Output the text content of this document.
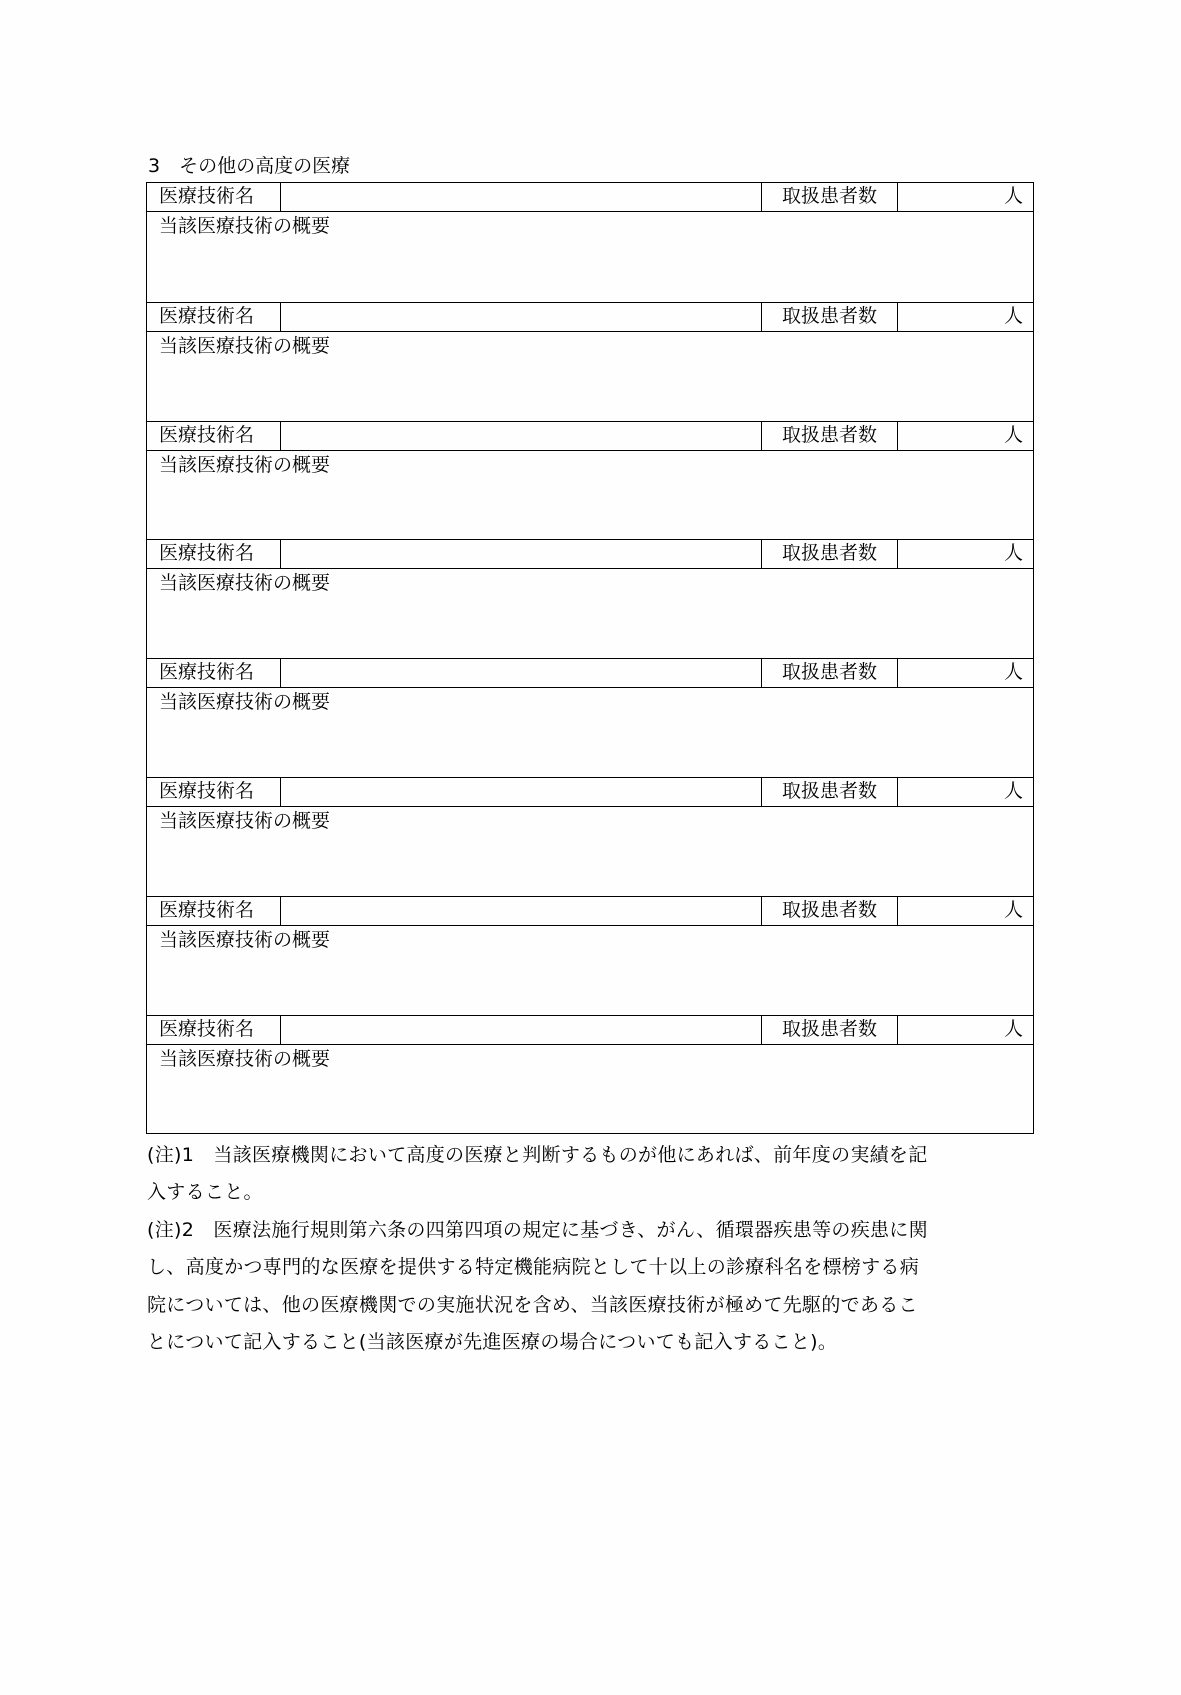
3　その他の高度の医療
医療技術名	取扱患者数	人
当該医療技術の概要
医療技術名	取扱患者数	人
当該医療技術の概要
医療技術名	取扱患者数	人
当該医療技術の概要
医療技術名	取扱患者数	人
当該医療技術の概要
医療技術名	取扱患者数	人
当該医療技術の概要
医療技術名	取扱患者数	人
当該医療技術の概要
医療技術名	取扱患者数	人
当該医療技術の概要
医療技術名	取扱患者数	人
当該医療技術の概要
(注)1　当該医療機関において高度の医療と判断するものが他にあれば、前年度の実績を記
入すること。
(注)2　医療法施行規則第六条の四第四項の規定に基づき、がん、循環器疾患等の疾患に関
し、高度かつ専門的な医療を提供する特定機能病院として十以上の診療科名を標榜する病
院については、他の医療機関での実施状況を含め、当該医療技術が極めて先駆的であるこ
とについて記入すること(当該医療が先進医療の場合についても記入すること)。
